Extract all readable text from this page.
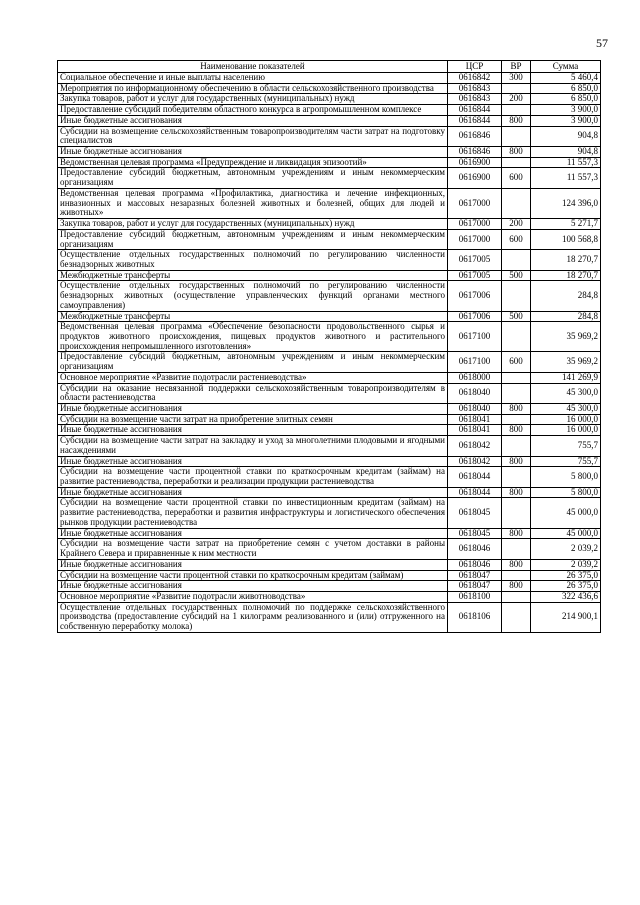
57
Наименование показателей	ЦСР	ВР	Сумма
Социальное обеспечение и иные выплаты населению	0616842	300	5 460,4
Мероприятия по информационному обеспечению в области сельскохозяйственного производства	0616843		6 850,0
Закупка товаров, работ и услуг для государственных (муниципальных) нужд	0616843	200	6 850,0
Предоставление субсидий победителям областного конкурса в агропромышленном комплексе	0616844		3 900,0
Иные бюджетные ассигнования	0616844	800	3 900,0
Субсидии на возмещение сельскохозяйственным товаропроизводителям части затрат на подготовку специалистов	0616846		904,8
Иные бюджетные ассигнования	0616846	800	904,8
Ведомственная целевая программа «Предупреждение и ликвидация эпизоотий»	0616900		11 557,3
Предоставление субсидий бюджетным, автономным учреждениям и иным некоммерческим организациям	0616900	600	11 557,3
Ведомственная целевая программа «Профилактика, диагностика и лечение инфекционных, инвазионных и массовых незаразных болезней животных и болезней, общих для людей и животных»	0617000		124 396,0
Закупка товаров, работ и услуг для государственных (муниципальных) нужд	0617000	200	5 271,7
Предоставление субсидий бюджетным, автономным учреждениям и иным некоммерческим организациям	0617000	600	100 568,8
Осуществление отдельных государственных полномочий по регулированию численности безнадзорных животных	0617005		18 270,7
Межбюджетные трансферты	0617005	500	18 270,7
Осуществление отдельных государственных полномочий по регулированию численности безнадзорных животных (осуществление управленческих функций органами местного самоуправления)	0617006		284,8
Межбюджетные трансферты	0617006	500	284,8
Ведомственная целевая программа «Обеспечение безопасности продовольственного сырья и продуктов животного происхождения, пищевых продуктов животного и растительного происхождения непромышленного изготовления»	0617100		35 969,2
Предоставление субсидий бюджетным, автономным учреждениям и иным некоммерческим организациям	0617100	600	35 969,2
Основное мероприятие «Развитие подотрасли растениеводства»	0618000		141 269,9
Субсидии на оказание несвязанной поддержки сельскохозяйственным товаропроизводителям в области растениеводства	0618040		45 300,0
Иные бюджетные ассигнования	0618040	800	45 300,0
Субсидии на возмещение части затрат на приобретение элитных семян	0618041		16 000,0
Иные бюджетные ассигнования	0618041	800	16 000,0
Субсидии на возмещение части затрат на закладку и уход за многолетними плодовыми и ягодными насаждениями	0618042		755,7
Иные бюджетные ассигнования	0618042	800	755,7
Субсидии на возмещение части процентной ставки по краткосрочным кредитам (займам) на развитие растениеводства, переработки и реализации продукции растениеводства	0618044		5 800,0
Иные бюджетные ассигнования	0618044	800	5 800,0
Субсидии на возмещение части процентной ставки по инвестиционным кредитам (займам) на развитие растениеводства, переработки и развития инфраструктуры и логистического обеспечения рынков продукции растениеводства	0618045		45 000,0
Иные бюджетные ассигнования	0618045	800	45 000,0
Субсидии на возмещение части затрат на приобретение семян с учетом доставки в районы Крайнего Севера и приравненные к ним местности	0618046		2 039,2
Иные бюджетные ассигнования	0618046	800	2 039,2
Субсидии на возмещение части процентной ставки по краткосрочным кредитам (займам)	0618047		26 375,0
Иные бюджетные ассигнования	0618047	800	26 375,0
Основное мероприятие «Развитие подотрасли животноводства»	0618100		322 436,6
Осуществление отдельных государственных полномочий по поддержке сельскохозяйственного производства (предоставление субсидий на 1 килограмм реализованного и (или) отгруженного на собственную переработку молока)	0618106		214 900,1
